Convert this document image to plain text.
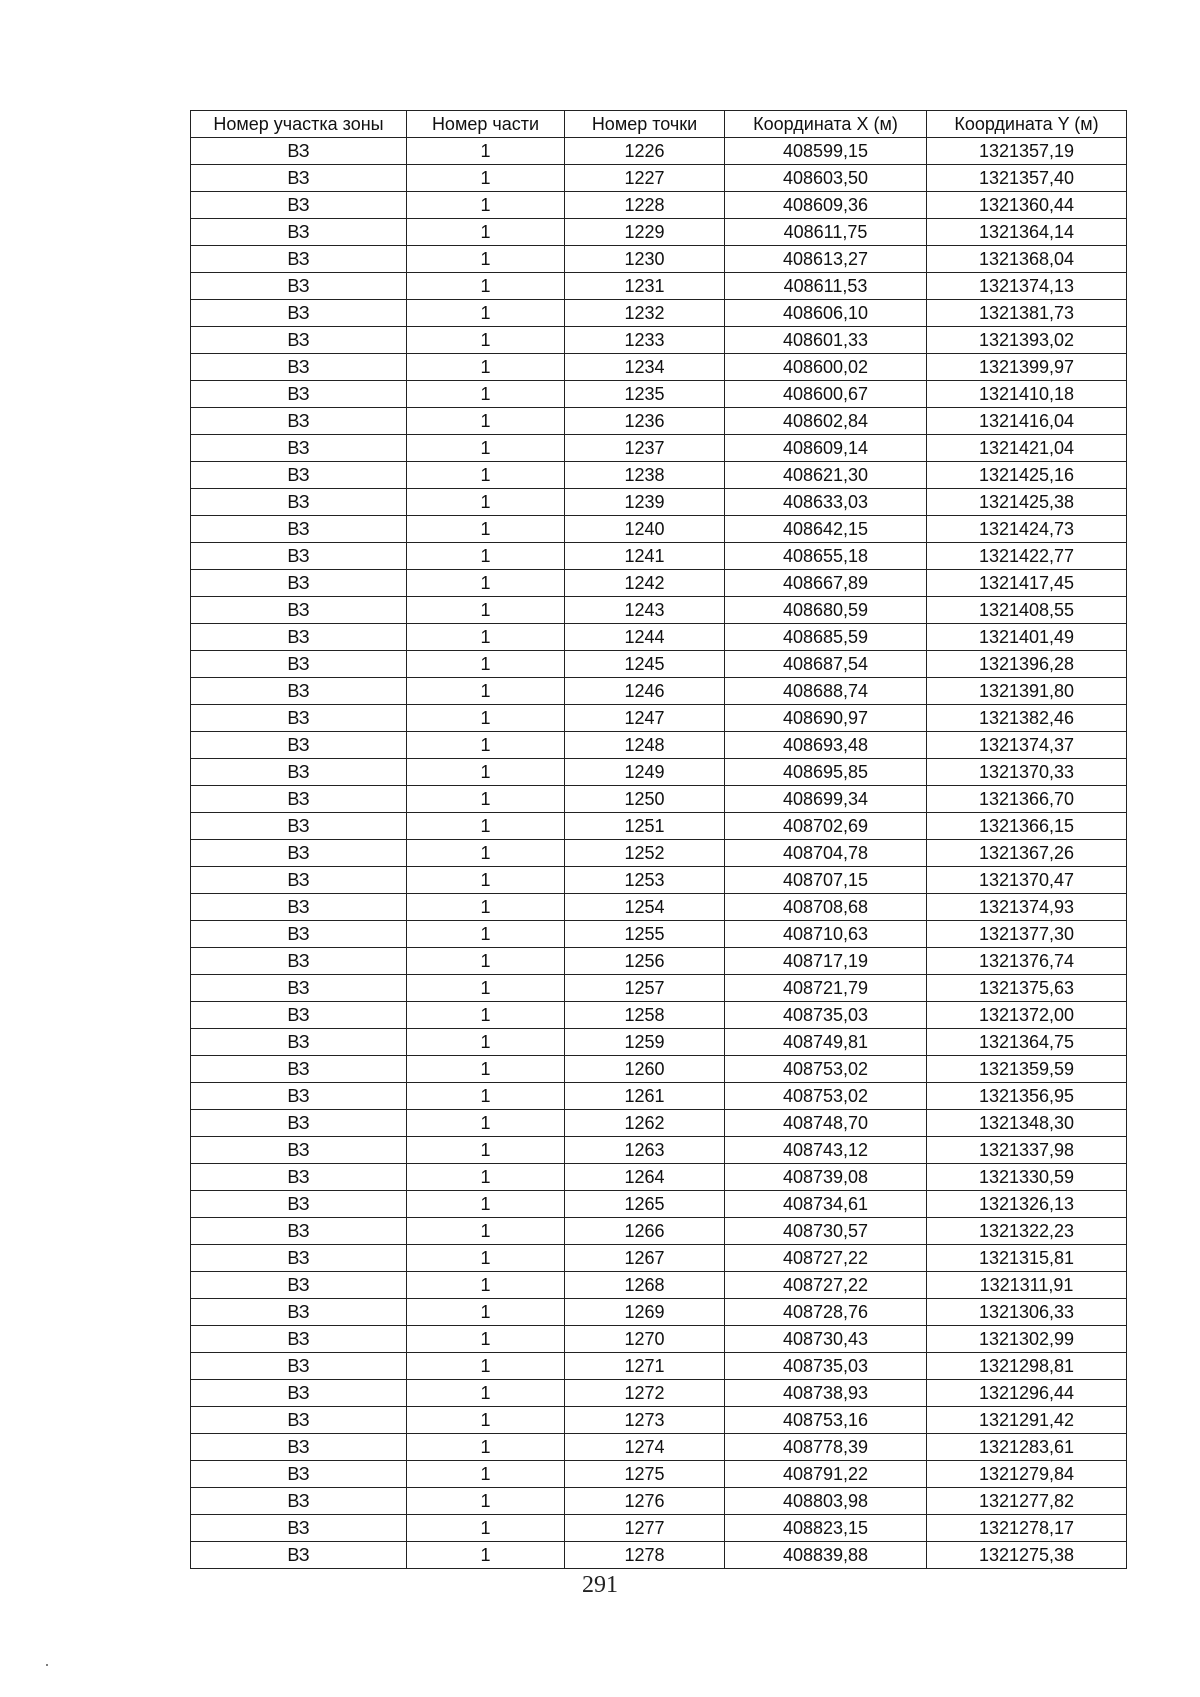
Номер участка зоны	Номер части	Номер точки	Координата X (м)	Координата Y (м)
ВЗ	1	1226	408599,15	1321357,19
ВЗ	1	1227	408603,50	1321357,40
ВЗ	1	1228	408609,36	1321360,44
ВЗ	1	1229	408611,75	1321364,14
ВЗ	1	1230	408613,27	1321368,04
ВЗ	1	1231	408611,53	1321374,13
ВЗ	1	1232	408606,10	1321381,73
ВЗ	1	1233	408601,33	1321393,02
ВЗ	1	1234	408600,02	1321399,97
ВЗ	1	1235	408600,67	1321410,18
ВЗ	1	1236	408602,84	1321416,04
ВЗ	1	1237	408609,14	1321421,04
ВЗ	1	1238	408621,30	1321425,16
ВЗ	1	1239	408633,03	1321425,38
ВЗ	1	1240	408642,15	1321424,73
ВЗ	1	1241	408655,18	1321422,77
ВЗ	1	1242	408667,89	1321417,45
ВЗ	1	1243	408680,59	1321408,55
ВЗ	1	1244	408685,59	1321401,49
ВЗ	1	1245	408687,54	1321396,28
ВЗ	1	1246	408688,74	1321391,80
ВЗ	1	1247	408690,97	1321382,46
ВЗ	1	1248	408693,48	1321374,37
ВЗ	1	1249	408695,85	1321370,33
ВЗ	1	1250	408699,34	1321366,70
ВЗ	1	1251	408702,69	1321366,15
ВЗ	1	1252	408704,78	1321367,26
ВЗ	1	1253	408707,15	1321370,47
ВЗ	1	1254	408708,68	1321374,93
ВЗ	1	1255	408710,63	1321377,30
ВЗ	1	1256	408717,19	1321376,74
ВЗ	1	1257	408721,79	1321375,63
ВЗ	1	1258	408735,03	1321372,00
ВЗ	1	1259	408749,81	1321364,75
ВЗ	1	1260	408753,02	1321359,59
ВЗ	1	1261	408753,02	1321356,95
ВЗ	1	1262	408748,70	1321348,30
ВЗ	1	1263	408743,12	1321337,98
ВЗ	1	1264	408739,08	1321330,59
ВЗ	1	1265	408734,61	1321326,13
ВЗ	1	1266	408730,57	1321322,23
ВЗ	1	1267	408727,22	1321315,81
ВЗ	1	1268	408727,22	1321311,91
ВЗ	1	1269	408728,76	1321306,33
ВЗ	1	1270	408730,43	1321302,99
ВЗ	1	1271	408735,03	1321298,81
ВЗ	1	1272	408738,93	1321296,44
ВЗ	1	1273	408753,16	1321291,42
ВЗ	1	1274	408778,39	1321283,61
ВЗ	1	1275	408791,22	1321279,84
ВЗ	1	1276	408803,98	1321277,82
ВЗ	1	1277	408823,15	1321278,17
ВЗ	1	1278	408839,88	1321275,38
291
